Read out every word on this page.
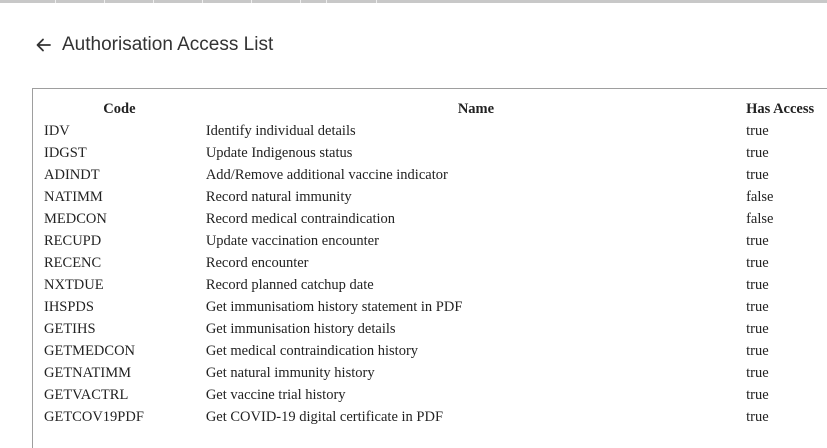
Authorisation Access List
Code	Name	Has Access
IDV	Identify individual details	true
IDGST	Update Indigenous status	true
ADINDT	Add/Remove additional vaccine indicator	true
NATIMM	Record natural immunity	false
MEDCON	Record medical contraindication	false
RECUPD	Update vaccination encounter	true
RECENC	Record encounter	true
NXTDUE	Record planned catchup date	true
IHSPDS	Get immunisatiom history statement in PDF	true
GETIHS	Get immunisation history details	true
GETMEDCON	Get medical contraindication history	true
GETNATIMM	Get natural immunity history	true
GETVACTRL	Get vaccine trial history	true
GETCOV19PDF	Get COVID-19 digital certificate in PDF	true
